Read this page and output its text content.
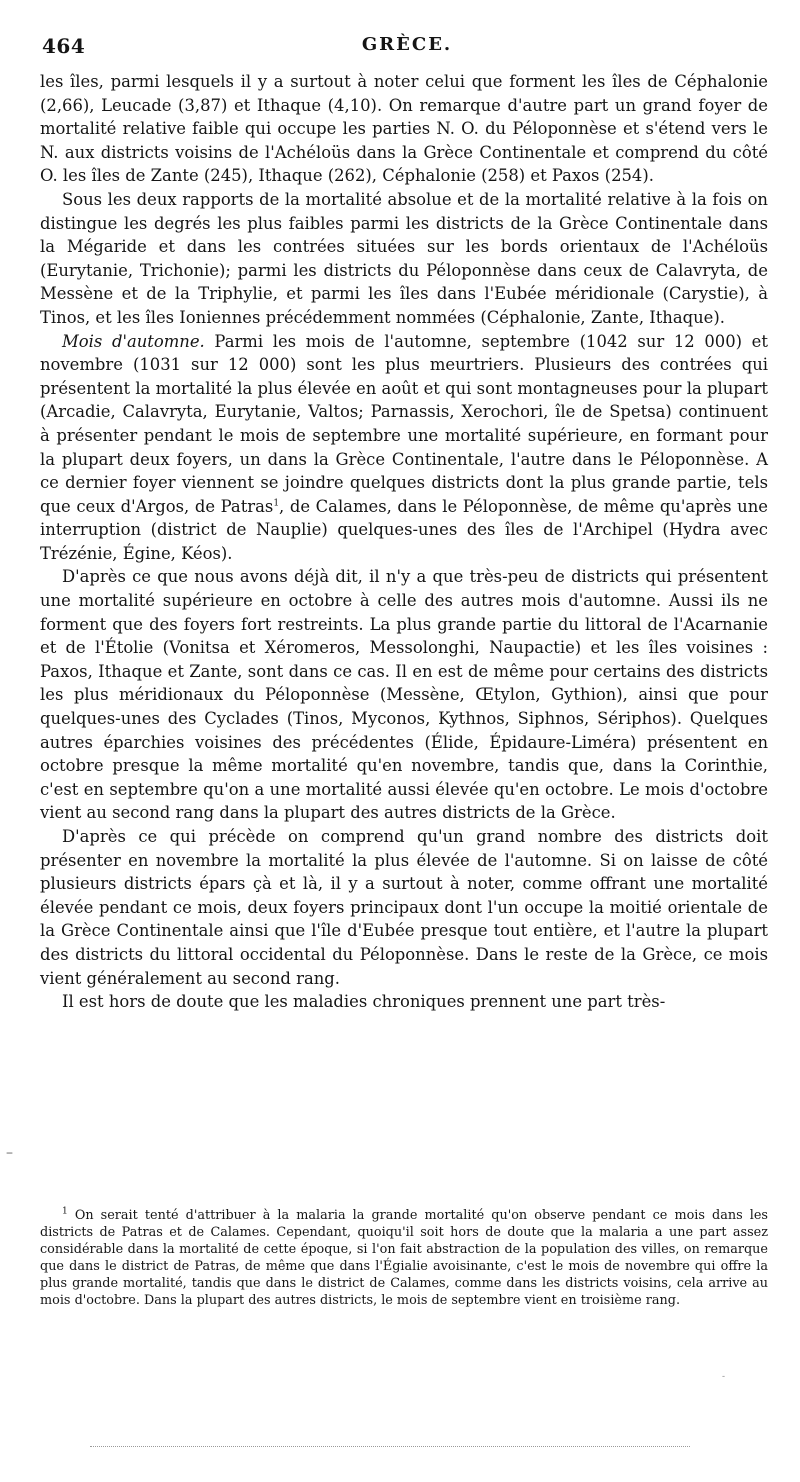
464	GRÈCE.

les îles, parmi lesquels il y a surtout à noter celui que forment les îles de Céphalonie (2,66), Leucade (3,87) et Ithaque (4,10). On remarque d'autre part un grand foyer de mortalité relative faible qui occupe les parties N. O. du Péloponnèse et s'étend vers le N. aux districts voisins de l'Achéloüs dans la Grèce Continentale et comprend du côté O. les îles de Zante (245), Ithaque (262), Céphalonie (258) et Paxos (254).

Sous les deux rapports de la mortalité absolue et de la mortalité relative à la fois on distingue les degrés les plus faibles parmi les districts de la Grèce Continentale dans la Mégaride et dans les contrées situées sur les bords orientaux de l'Achéloüs (Eurytanie, Trichonie); parmi les districts du Péloponnèse dans ceux de Calavryta, de Messène et de la Triphylie, et parmi les îles dans l'Eubée méridionale (Carystie), à Tinos, et les îles Ioniennes précédemment nommées (Céphalonie, Zante, Ithaque).

Mois d'automne. Parmi les mois de l'automne, septembre (1042 sur 12 000) et novembre (1031 sur 12 000) sont les plus meurtriers. Plusieurs des contrées qui présentent la mortalité la plus élevée en août et qui sont montagneuses pour la plupart (Arcadie, Calavryta, Eurytanie, Valtos; Parnassis, Xerochori, île de Spetsa) continuent à présenter pendant le mois de septembre une mortalité supérieure, en formant pour la plupart deux foyers, un dans la Grèce Continentale, l'autre dans le Péloponnèse. A ce dernier foyer viennent se joindre quelques districts dont la plus grande partie, tels que ceux d'Argos, de Patras$^1$, de Calames, dans le Péloponnèse, de même qu'après une interruption (district de Nauplie) quelques-unes des îles de l'Archipel (Hydra avec Trézénie, Égine, Kéos).

D'après ce que nous avons déjà dit, il n'y a que très-peu de districts qui présentent une mortalité supérieure en octobre à celle des autres mois d'automne. Aussi ils ne forment que des foyers fort restreints. La plus grande partie du littoral de l'Acarnanie et de l'Étolie (Vonitsa et Xéromeros, Messolonghi, Naupactie) et les îles voisines : Paxos, Ithaque et Zante, sont dans ce cas. Il en est de même pour certains des districts les plus méridionaux du Péloponnèse (Messène, Œtylon, Gythion), ainsi que pour quelques-unes des Cyclades (Tinos, Myconos, Kythnos, Siphnos, Sériphos). Quelques autres éparchies voisines des précédentes (Élide, Épidaure-Liméra) présentent en octobre presque la même mortalité qu'en novembre, tandis que, dans la Corinthie, c'est en septembre qu'on a une mortalité aussi élevée qu'en octobre. Le mois d'octobre vient au second rang dans la plupart des autres districts de la Grèce.

D'après ce qui précède on comprend qu'un grand nombre des districts doit présenter en novembre la mortalité la plus élevée de l'automne. Si on laisse de côté plusieurs districts épars çà et là, il y a surtout à noter, comme offrant une mortalité élevée pendant ce mois, deux foyers principaux dont l'un occupe la moitié orientale de la Grèce Continentale ainsi que l'île d'Eubée presque tout entière, et l'autre la plupart des districts du littoral occidental du Péloponnèse. Dans le reste de la Grèce, ce mois vient généralement au second rang.

Il est hors de doute que les maladies chroniques prennent une part très-

–

$^1$ On serait tenté d'attribuer à la malaria la grande mortalité qu'on observe pendant ce mois dans les districts de Patras et de Calames. Cependant, quoiqu'il soit hors de doute que la malaria a une part assez considérable dans la mortalité de cette époque, si l'on fait abstraction de la population des villes, on remarque que dans le district de Patras, de même que dans l'Égialie avoisinante, c'est le mois de novembre qui offre la plus grande mortalité, tandis que dans le district de Calames, comme dans les districts voisins, cela arrive au mois d'octobre. Dans la plupart des autres districts, le mois de septembre vient en troisième rang.

-
